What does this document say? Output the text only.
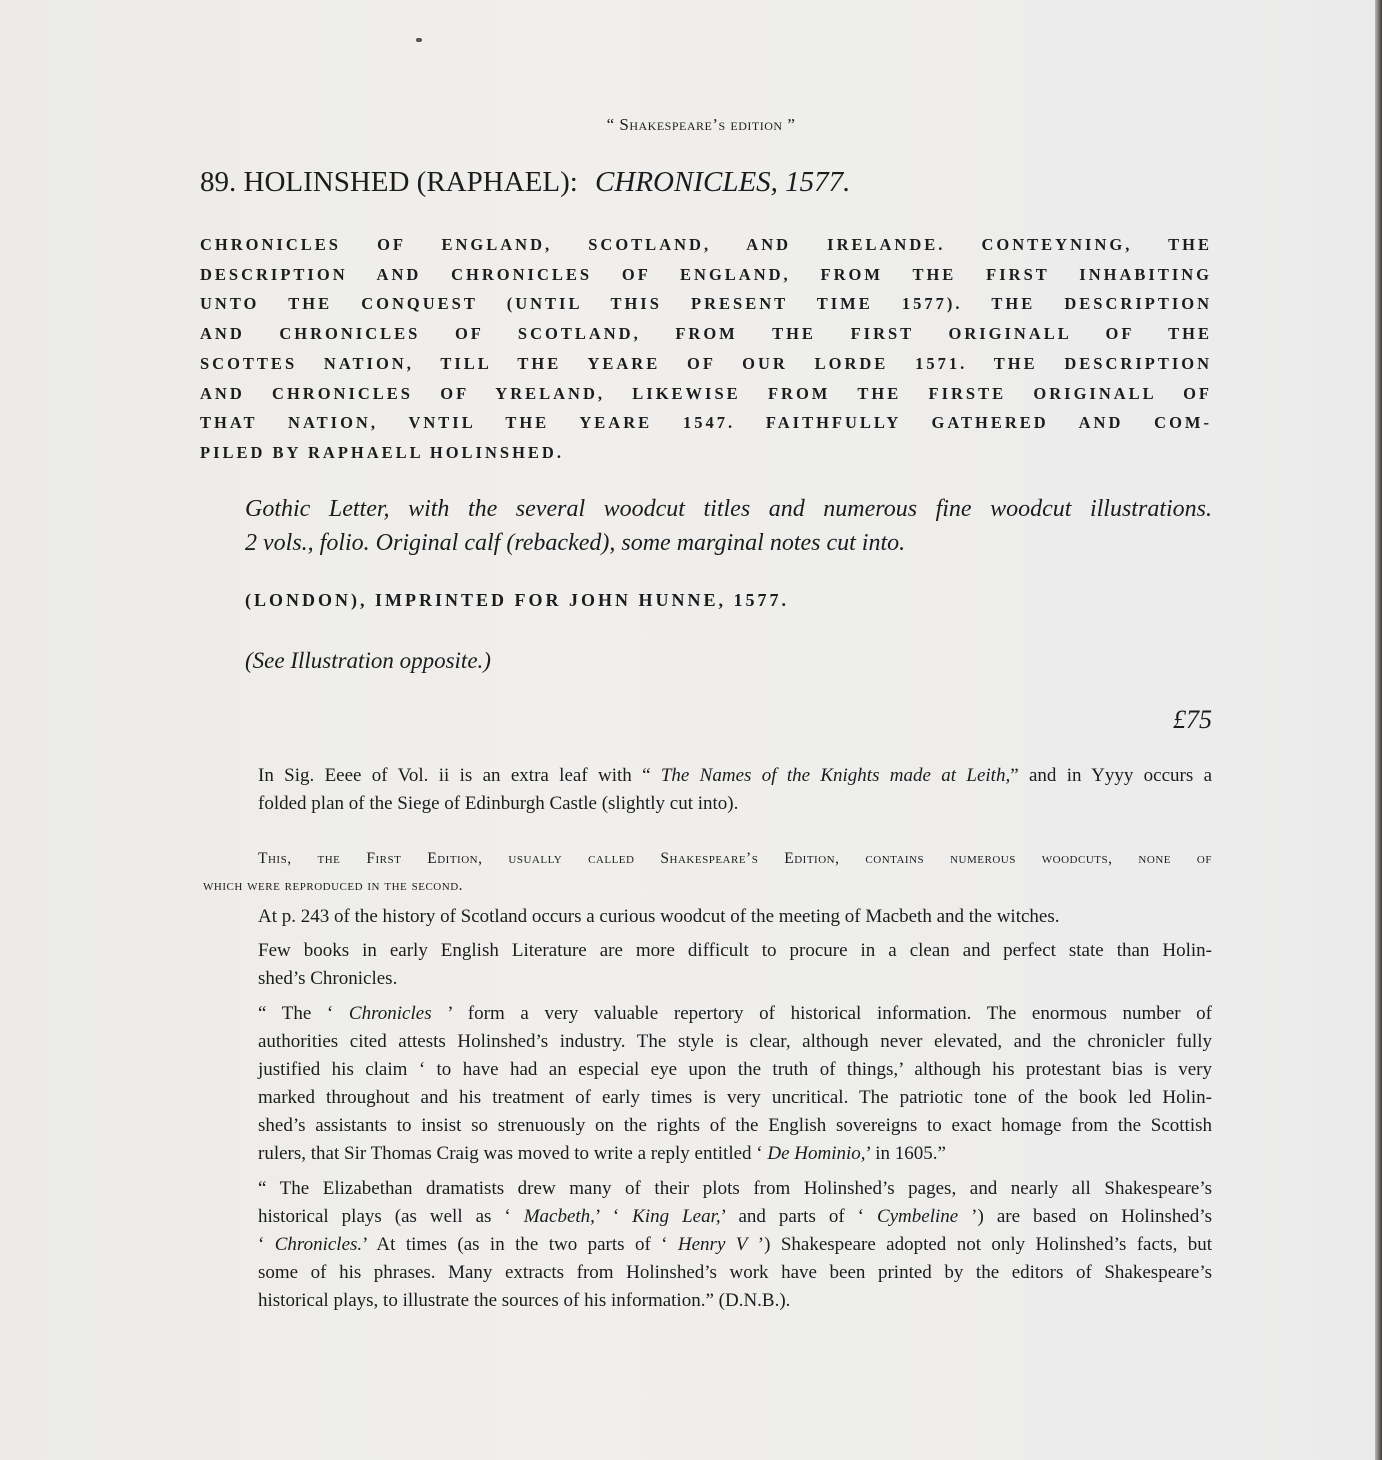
“ Shakespeare’s edition ”
89. HOLINSHED (RAPHAEL): CHRONICLES, 1577.
CHRONICLES OF ENGLAND, SCOTLAND, AND IRELANDE. CONTEYNING, THE
DESCRIPTION AND CHRONICLES OF ENGLAND, FROM THE FIRST INHABITING
UNTO THE CONQUEST (UNTIL THIS PRESENT TIME 1577). THE DESCRIPTION
AND CHRONICLES OF SCOTLAND, FROM THE FIRST ORIGINALL OF THE
SCOTTES NATION, TILL THE YEARE OF OUR LORDE 1571. THE DESCRIPTION
AND CHRONICLES OF YRELAND, LIKEWISE FROM THE FIRSTE ORIGINALL OF
THAT NATION, VNTIL THE YEARE 1547. FAITHFULLY GATHERED AND COM-
PILED BY RAPHAELL HOLINSHED.
Gothic Letter, with the several woodcut titles and numerous fine woodcut illustrations.
2 vols., folio. Original calf (rebacked), some marginal notes cut into.
(LONDON), IMPRINTED FOR JOHN HUNNE, 1577.
(See Illustration opposite.)
£75
In Sig. Eeee of Vol. ii is an extra leaf with “ The Names of the Knights made at Leith,” and in Yyyy occurs a
folded plan of the Siege of Edinburgh Castle (slightly cut into).
This, the First Edition, usually called Shakespeare’s Edition, contains numerous woodcuts, none of
which were reproduced in the second.
At p. 243 of the history of Scotland occurs a curious woodcut of the meeting of Macbeth and the witches.
Few books in early English Literature are more difficult to procure in a clean and perfect state than Holin-
shed’s Chronicles.
“ The ‘ Chronicles ’ form a very valuable repertory of historical information. The enormous number of
authorities cited attests Holinshed’s industry. The style is clear, although never elevated, and the chronicler fully
justified his claim ‘ to have had an especial eye upon the truth of things,’ although his protestant bias is very
marked throughout and his treatment of early times is very uncritical. The patriotic tone of the book led Holin-
shed’s assistants to insist so strenuously on the rights of the English sovereigns to exact homage from the Scottish
rulers, that Sir Thomas Craig was moved to write a reply entitled ‘ De Hominio,’ in 1605.”
“ The Elizabethan dramatists drew many of their plots from Holinshed’s pages, and nearly all Shakespeare’s
historical plays (as well as ‘ Macbeth,’ ‘ King Lear,’ and parts of ‘ Cymbeline ’) are based on Holinshed’s
‘ Chronicles.’ At times (as in the two parts of ‘ Henry V ’) Shakespeare adopted not only Holinshed’s facts, but
some of his phrases. Many extracts from Holinshed’s work have been printed by the editors of Shakespeare’s
historical plays, to illustrate the sources of his information.” (D.N.B.).
